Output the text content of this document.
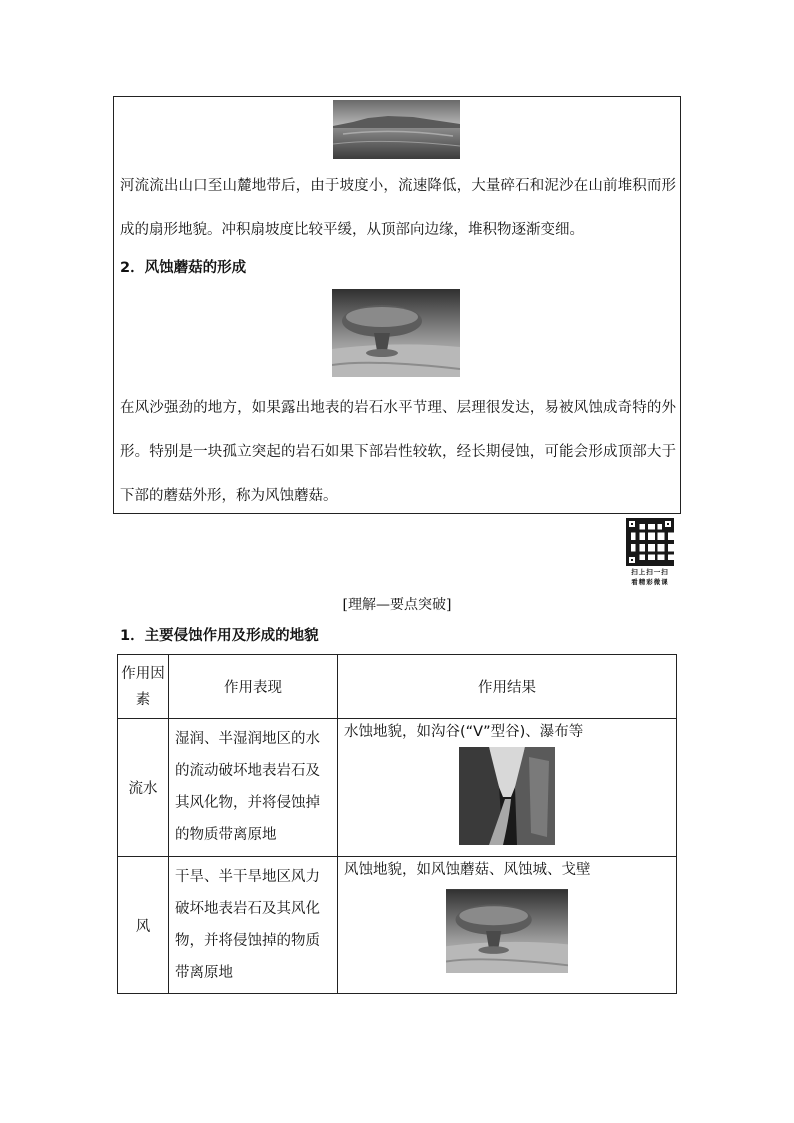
河流流出山口至山麓地带后，由于坡度小，流速降低，大量碎石和泥沙在山前堆积而形成的扇形地貌。冲积扇坡度比较平缓，从顶部向边缘，堆积物逐渐变细。

2．风蚀蘑菇的形成

在风沙强劲的地方，如果露出地表的岩石水平节理、层理很发达，易被风蚀成奇特的外形。特别是一块孤立突起的岩石如果下部岩性较软，经长期侵蚀，可能会形成顶部大于下部的蘑菇外形，称为风蚀蘑菇。

扫上扫一扫
看精彩微课
[理解—要点突破]

1．主要侵蚀作用及形成的地貌

作用因素	作用表现	作用结果
流水	湿润、半湿润地区的水的流动破坏地表岩石及其风化物，并将侵蚀掉的物质带离原地	水蚀地貌，如沟谷(“V”型谷)、瀑布等

风	干旱、半干旱地区风力破坏地表岩石及其风化物，并将侵蚀掉的物质带离原地	风蚀地貌，如风蚀蘑菇、风蚀城、戈壁
